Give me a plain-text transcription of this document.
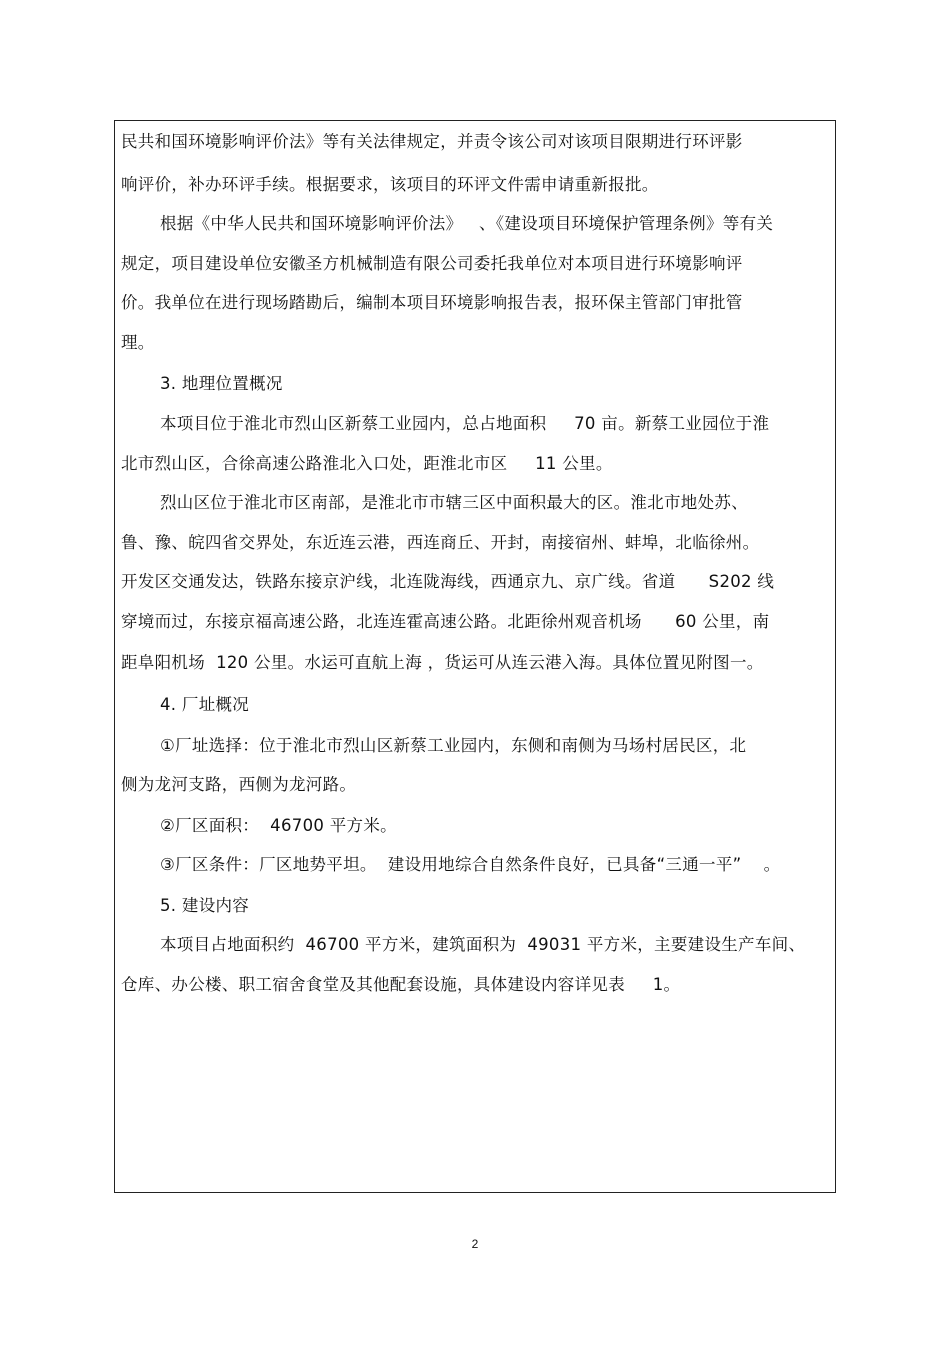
民共和国环境影响评价法》等有关法律规定，并责令该公司对该项目限期进行环评影
响评价，补办环评手续。根据要求，该项目的环评文件需申请重新报批。
根据《中华人民共和国环境影响评价法》   、《建设项目环境保护管理条例》等有关
规定，项目建设单位安徽圣方机械制造有限公司委托我单位对本项目进行环境影响评
价。我单位在进行现场踏勘后，编制本项目环境影响报告表，报环保主管部门审批管
理。
3. 地理位置概况
本项目位于淮北市烈山区新蔡工业园内，总占地面积     70 亩。新蔡工业园位于淮
北市烈山区，合徐高速公路淮北入口处，距淮北市区     11 公里。
烈山区位于淮北市区南部，是淮北市市辖三区中面积最大的区。淮北市地处苏、
鲁、豫、皖四省交界处，东近连云港，西连商丘、开封，南接宿州、蚌埠，北临徐州。
开发区交通发达，铁路东接京沪线，北连陇海线，西通京九、京广线。省道      S202 线
穿境而过，东接京福高速公路，北连连霍高速公路。北距徐州观音机场      60 公里，南
距阜阳机场  120 公里。水运可直航上海 ，货运可从连云港入海。具体位置见附图一。
4. 厂址概况
①厂址选择：位于淮北市烈山区新蔡工业园内，东侧和南侧为马场村居民区，北
侧为龙河支路，西侧为龙河路。
②厂区面积：  46700 平方米。
③厂区条件：厂区地势平坦。  建设用地综合自然条件良好，已具备“三通一平”    。
5. 建设内容
本项目占地面积约  46700 平方米，建筑面积为  49031 平方米，主要建设生产车间、
仓库、办公楼、职工宿舍食堂及其他配套设施，具体建设内容详见表     1。
2
